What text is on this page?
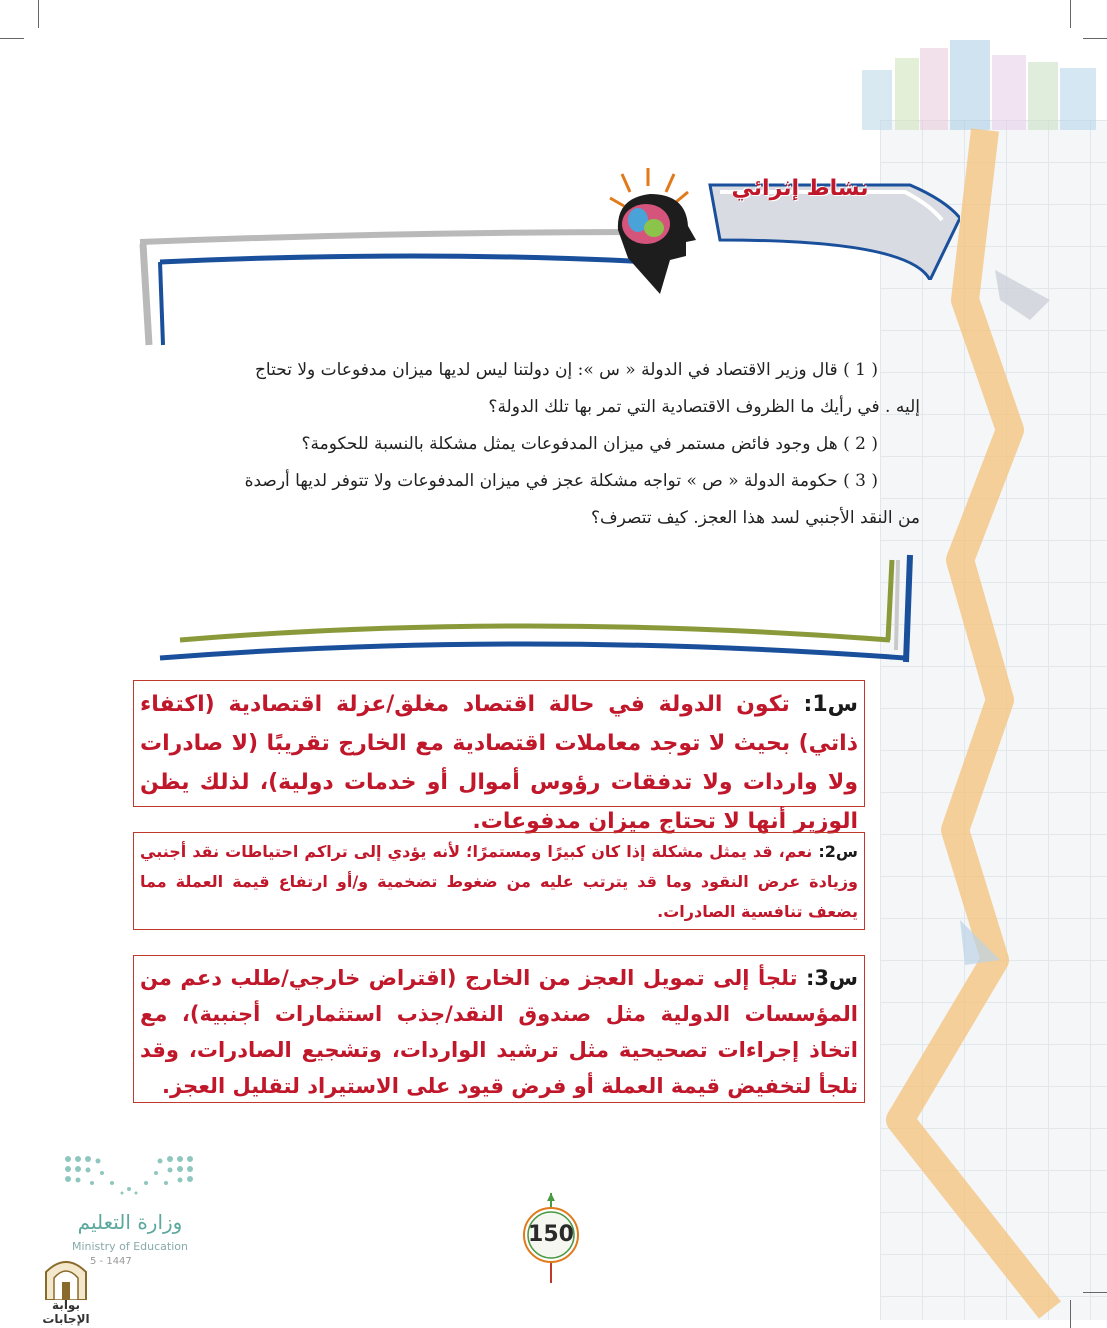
نشاط إثرائي
( 1 ) قال وزير الاقتصاد في الدولة « س »: إن دولتنا ليس لديها ميزان مدفوعات ولا تحتاج
إليه . في رأيك ما الظروف الاقتصادية التي تمر بها تلك الدولة؟
( 2 ) هل وجود فائض مستمر في ميزان المدفوعات يمثل مشكلة بالنسبة للحكومة؟
( 3 ) حكومة الدولة « ص » تواجه مشكلة عجز في ميزان المدفوعات ولا تتوفر لديها أرصدة
من النقد الأجنبي لسد هذا العجز. كيف تتصرف؟
س1: تكون الدولة في حالة اقتصاد مغلق/عزلة اقتصادية (اكتفاء ذاتي) بحيث لا توجد معاملات اقتصادية مع الخارج تقريبًا (لا صادرات ولا واردات ولا تدفقات رؤوس أموال أو خدمات دولية)، لذلك يظن الوزير أنها لا تحتاج ميزان مدفوعات.
س2: نعم، قد يمثل مشكلة إذا كان كبيرًا ومستمرًا؛ لأنه يؤدي إلى تراكم احتياطات نقد أجنبي وزيادة عرض النقود وما قد يترتب عليه من ضغوط تضخمية و/أو ارتفاع قيمة العملة مما يضعف تنافسية الصادرات.
س3: تلجأ إلى تمويل العجز من الخارج (اقتراض خارجي/طلب دعم من المؤسسات الدولية مثل صندوق النقد/جذب استثمارات أجنبية)، مع اتخاذ إجراءات تصحيحية مثل ترشيد الواردات، وتشجيع الصادرات، وقد تلجأ لتخفيض قيمة العملة أو فرض قيود على الاستيراد لتقليل العجز.
وزارة التعليم
Ministry of Education
5 - 1447
150
بوابة الإجابات
